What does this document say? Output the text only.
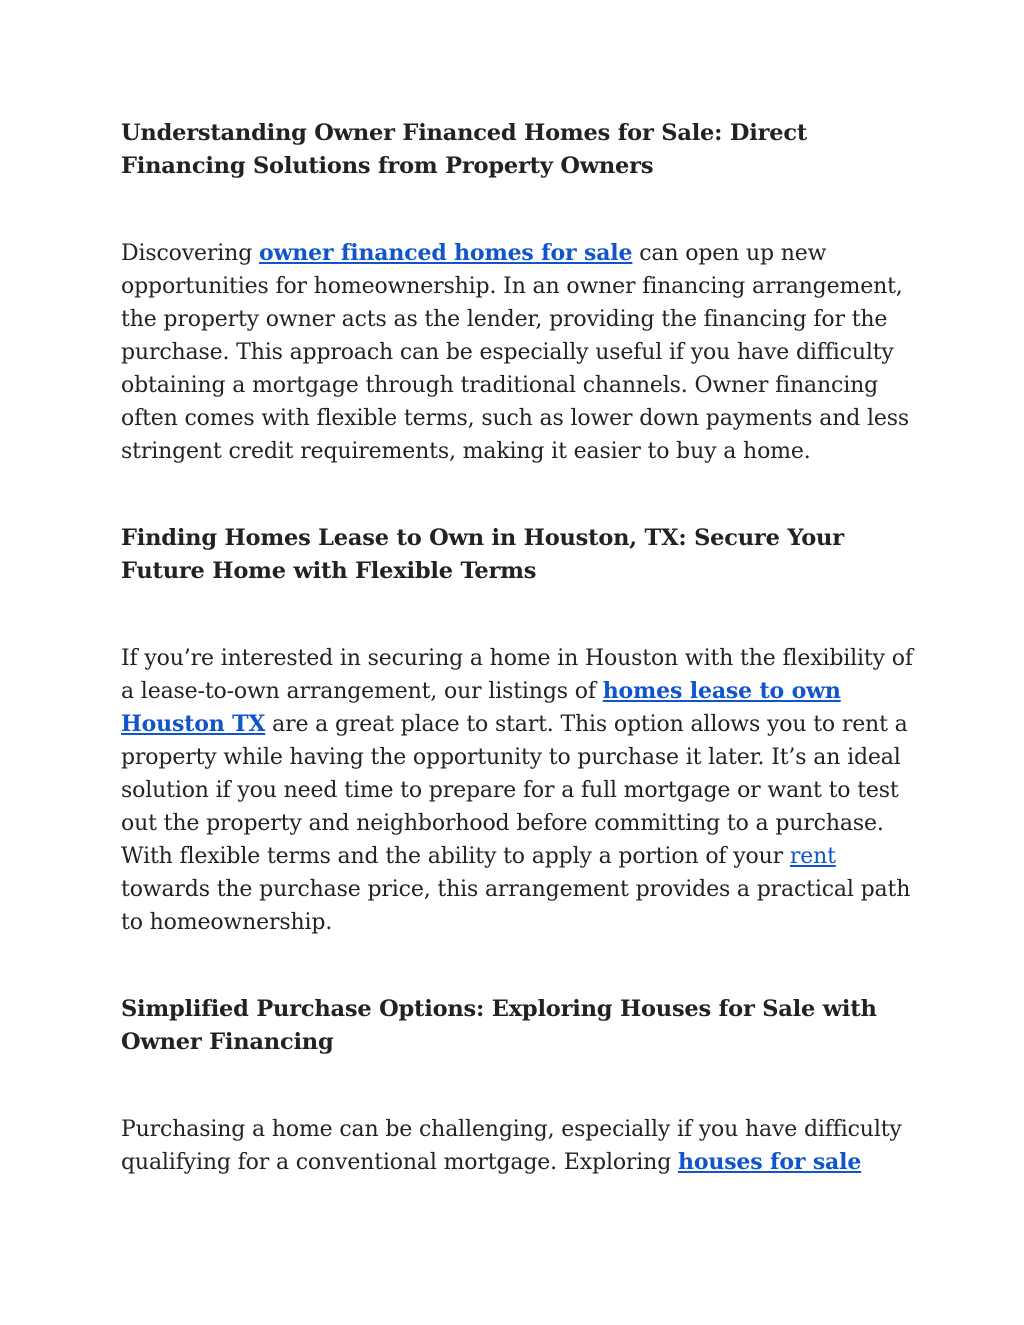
Understanding Owner Financed Homes for Sale: Direct Financing Solutions from Property Owners

Discovering owner financed homes for sale can open up new opportunities for homeownership. In an owner financing arrangement, the property owner acts as the lender, providing the financing for the purchase. This approach can be especially useful if you have difficulty obtaining a mortgage through traditional channels. Owner financing often comes with flexible terms, such as lower down payments and less stringent credit requirements, making it easier to buy a home.

Finding Homes Lease to Own in Houston, TX: Secure Your Future Home with Flexible Terms

If you’re interested in securing a home in Houston with the flexibility of a lease-to-own arrangement, our listings of homes lease to own Houston TX are a great place to start. This option allows you to rent a property while having the opportunity to purchase it later. It’s an ideal solution if you need time to prepare for a full mortgage or want to test out the property and neighborhood before committing to a purchase. With flexible terms and the ability to apply a portion of your rent towards the purchase price, this arrangement provides a practical path to homeownership.

Simplified Purchase Options: Exploring Houses for Sale with Owner Financing

Purchasing a home can be challenging, especially if you have difficulty qualifying for a conventional mortgage. Exploring houses for sale
